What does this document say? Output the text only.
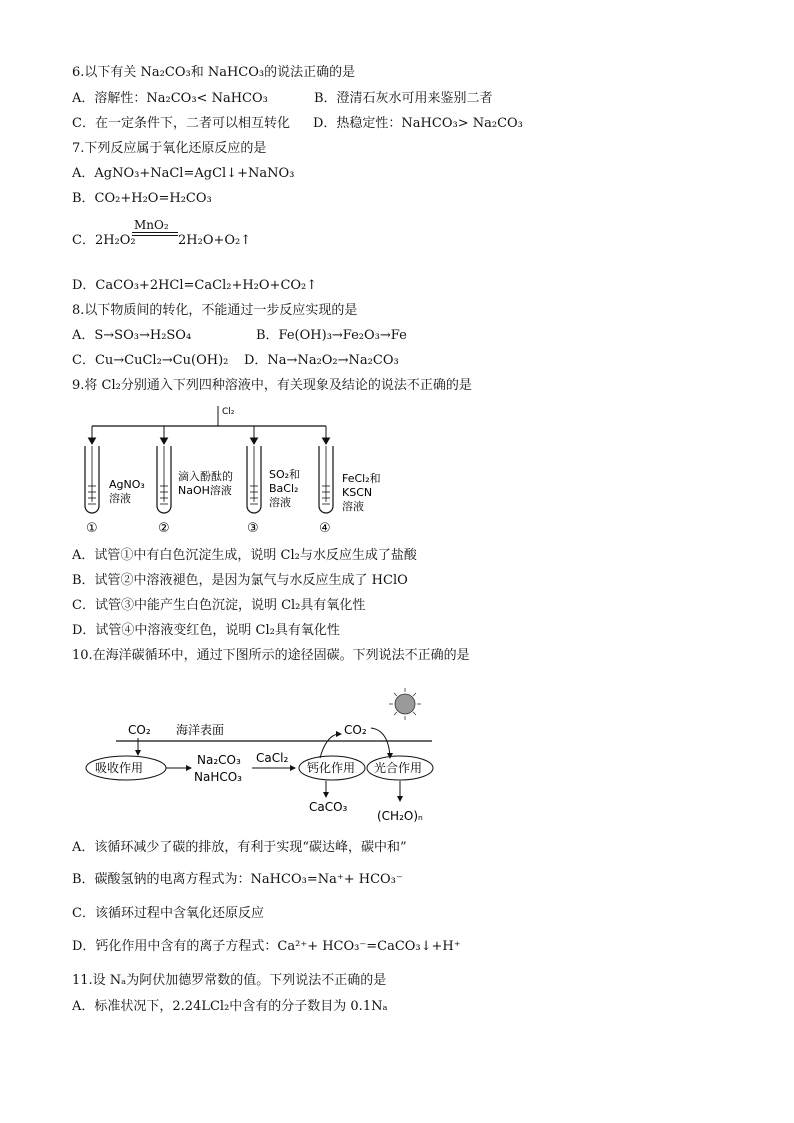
6.以下有关 Na₂CO₃和 NaHCO₃的说法正确的是
A．溶解性：Na₂CO₃< NaHCO₃	B．澄清石灰水可用来鉴别二者
C．在一定条件下，二者可以相互转化 D．热稳定性：NaHCO₃> Na₂CO₃
7.下列反应属于氧化还原反应的是
A．AgNO₃+NaCl=AgCl↓+NaNO₃
B．CO₂+H₂O=H₂CO₃
C．2H₂O₂
MnO₂
2H₂O+O₂↑
D．CaCO₃+2HCl=CaCl₂+H₂O+CO₂↑
8.以下物质间的转化，不能通过一步反应实现的是
A．S→SO₃→H₂SO₄	B．Fe(OH)₃→Fe₂O₃→Fe
C．Cu→CuCl₂→Cu(OH)₂ D．Na→Na₂O₂→Na₂CO₃
9.将 Cl₂分别通入下列四种溶液中，有关现象及结论的说法不正确的是
Cl₂
AgNO₃
溶液
滴入酚酞的
NaOH溶液
SO₂和
BaCl₂
溶液
FeCl₂和
KSCN
溶液
①	②	③	④
A．试管①中有白色沉淀生成，说明 Cl₂与水反应生成了盐酸
B．试管②中溶液褪色，是因为氯气与水反应生成了 HClO
C．试管③中能产生白色沉淀，说明 Cl₂具有氧化性
D．试管④中溶液变红色，说明 Cl₂具有氧化性
10.在海洋碳循环中，通过下图所示的途径固碳。下列说法不正确的是
CO₂ 海洋表面
吸收作用
Na₂CO₃
NaHCO₃
CaCl₂
钙化作用 光合作用
CO₂
CaCO₃
(CH₂O)ₙ
A．该循环减少了碳的排放，有利于实现“碳达峰，碳中和”
B．碳酸氢钠的电离方程式为：NaHCO₃=Na⁺+ HCO₃⁻
C．该循环过程中含氧化还原反应
D．钙化作用中含有的离子方程式：Ca²⁺+ HCO₃⁻=CaCO₃↓+H⁺
11.设 Nₐ为阿伏加德罗常数的值。下列说法不正确的是
A．标准状况下，2.24LCl₂中含有的分子数目为 0.1Nₐ
